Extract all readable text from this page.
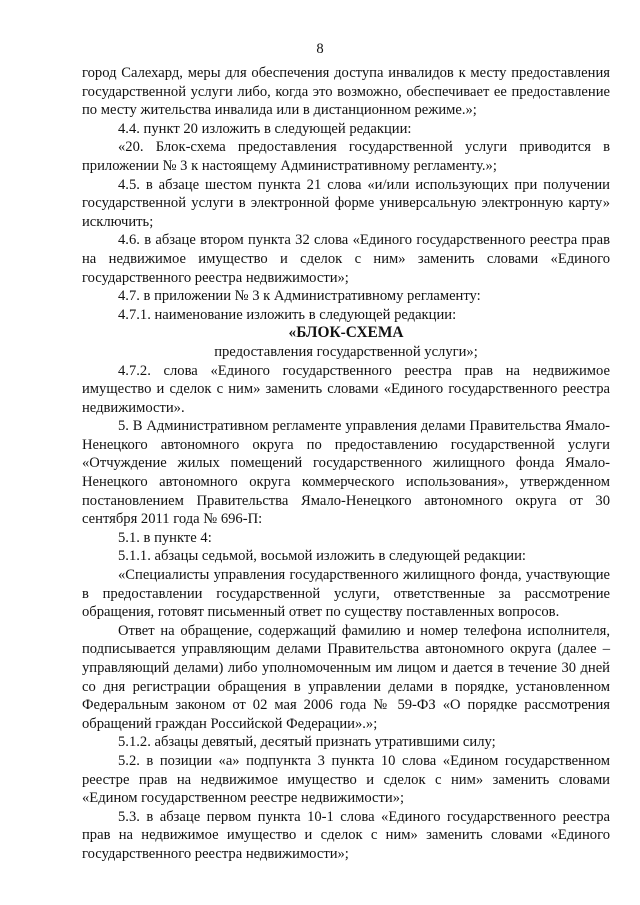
8

город Салехард, меры для обеспечения доступа инвалидов к месту предоставления государственной услуги либо, когда это возможно, обеспечивает ее предоставление по месту жительства инвалида или в дистанционном режиме.»;

4.4. пункт 20 изложить в следующей редакции:

«20. Блок-схема предоставления государственной услуги приводится в приложении № 3 к настоящему Административному регламенту.»;

4.5. в абзаце шестом пункта 21 слова «и/или использующих при получении государственной услуги в электронной форме универсальную электронную карту» исключить;

4.6. в абзаце втором пункта 32 слова «Единого государственного реестра прав на недвижимое имущество и сделок с ним» заменить словами «Единого государственного реестра недвижимости»;

4.7. в приложении № 3 к Административному регламенту:

4.7.1. наименование изложить в следующей редакции:

«БЛОК-СХЕМА

предоставления государственной услуги»;

4.7.2. слова «Единого государственного реестра прав на недвижимое имущество и сделок с ним» заменить словами «Единого государственного реестра недвижимости».

5. В Административном регламенте управления делами Правительства Ямало-Ненецкого автономного округа по предоставлению государственной услуги «Отчуждение жилых помещений государственного жилищного фонда Ямало-Ненецкого автономного округа коммерческого использования», утвержденном постановлением Правительства Ямало-Ненецкого автономного округа от 30 сентября 2011 года № 696-П:

5.1. в пункте 4:

5.1.1. абзацы седьмой, восьмой изложить в следующей редакции:

«Специалисты управления государственного жилищного фонда, участвующие в предоставлении государственной услуги, ответственные за рассмотрение обращения, готовят письменный ответ по существу поставленных вопросов.

Ответ на обращение, содержащий фамилию и номер телефона исполнителя, подписывается управляющим делами Правительства автономного округа (далее – управляющий делами) либо уполномоченным им лицом и дается в течение 30 дней со дня регистрации обращения в управлении делами в порядке, установленном Федеральным законом от 02 мая 2006 года № 59-ФЗ «О порядке рассмотрения обращений граждан Российской Федерации».»;

5.1.2. абзацы девятый, десятый признать утратившими силу;

5.2. в позиции «а» подпункта 3 пункта 10 слова «Едином государственном реестре прав на недвижимое имущество и сделок с ним» заменить словами «Едином государственном реестре недвижимости»;

5.3. в абзаце первом пункта 10-1 слова «Единого государственного реестра прав на недвижимое имущество и сделок с ним» заменить словами «Единого государственного реестра недвижимости»;
